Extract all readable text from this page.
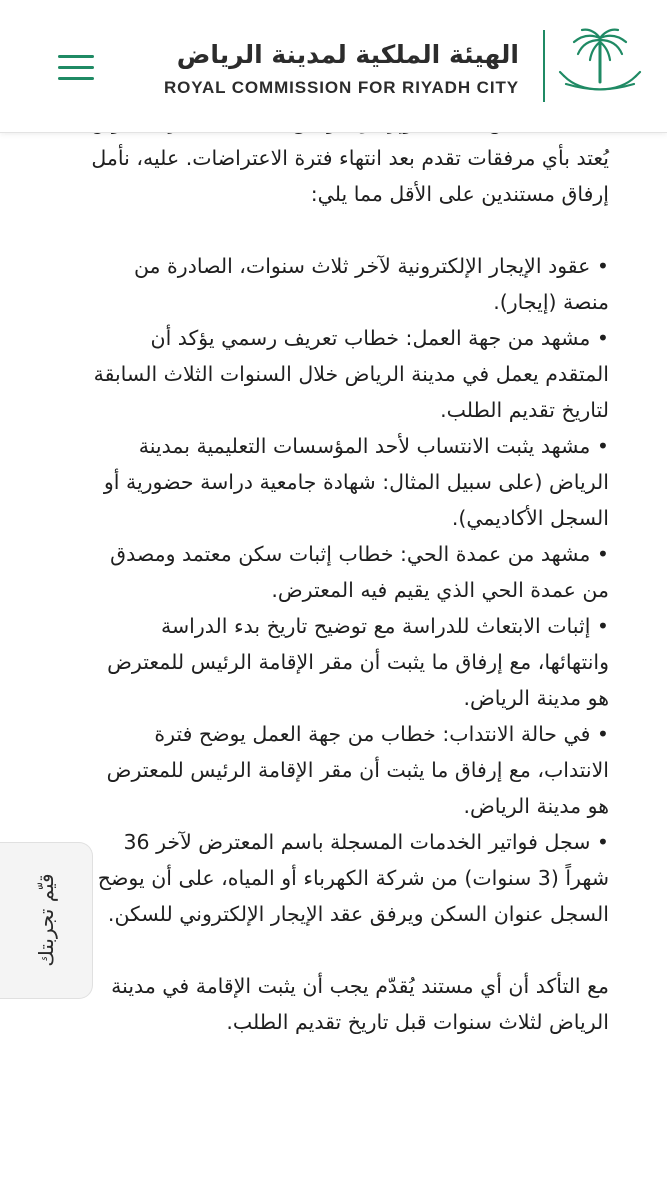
الهيئة الملكية لمدينة الرياض
ROYAL COMMISSION FOR RIYADH CITY

يُعتد بأي مرفقات تقدم بعد انتهاء فترة الاعتراضات. عليه، نأمل إرفاق مستندين على الأقل مما يلي:

• عقود الإيجار الإلكترونية لآخر ثلاث سنوات، الصادرة من منصة (إيجار).

• مشهد من جهة العمل: خطاب تعريف رسمي يؤكد أن المتقدم يعمل في مدينة الرياض خلال السنوات الثلاث السابقة لتاريخ تقديم الطلب.

• مشهد يثبت الانتساب لأحد المؤسسات التعليمية بمدينة الرياض (على سبيل المثال: شهادة جامعية دراسة حضورية أو السجل الأكاديمي).

• مشهد من عمدة الحي: خطاب إثبات سكن معتمد ومصدق من عمدة الحي الذي يقيم فيه المعترض.

• إثبات الابتعاث للدراسة مع توضيح تاريخ بدء الدراسة وانتهائها، مع إرفاق ما يثبت أن مقر الإقامة الرئيس للمعترض هو مدينة الرياض.

• في حالة الانتداب: خطاب من جهة العمل يوضح فترة الانتداب، مع إرفاق ما يثبت أن مقر الإقامة الرئيس للمعترض هو مدينة الرياض.

• سجل فواتير الخدمات المسجلة باسم المعترض لآخر 36 شهراً (3 سنوات) من شركة الكهرباء أو المياه، على أن يوضح السجل عنوان السكن ويرفق عقد الإيجار الإلكتروني للسكن.

مع التأكد أن أي مستند يُقدّم يجب أن يثبت الإقامة في مدينة الرياض لثلاث سنوات قبل تاريخ تقديم الطلب.

قيّم تجربتك
